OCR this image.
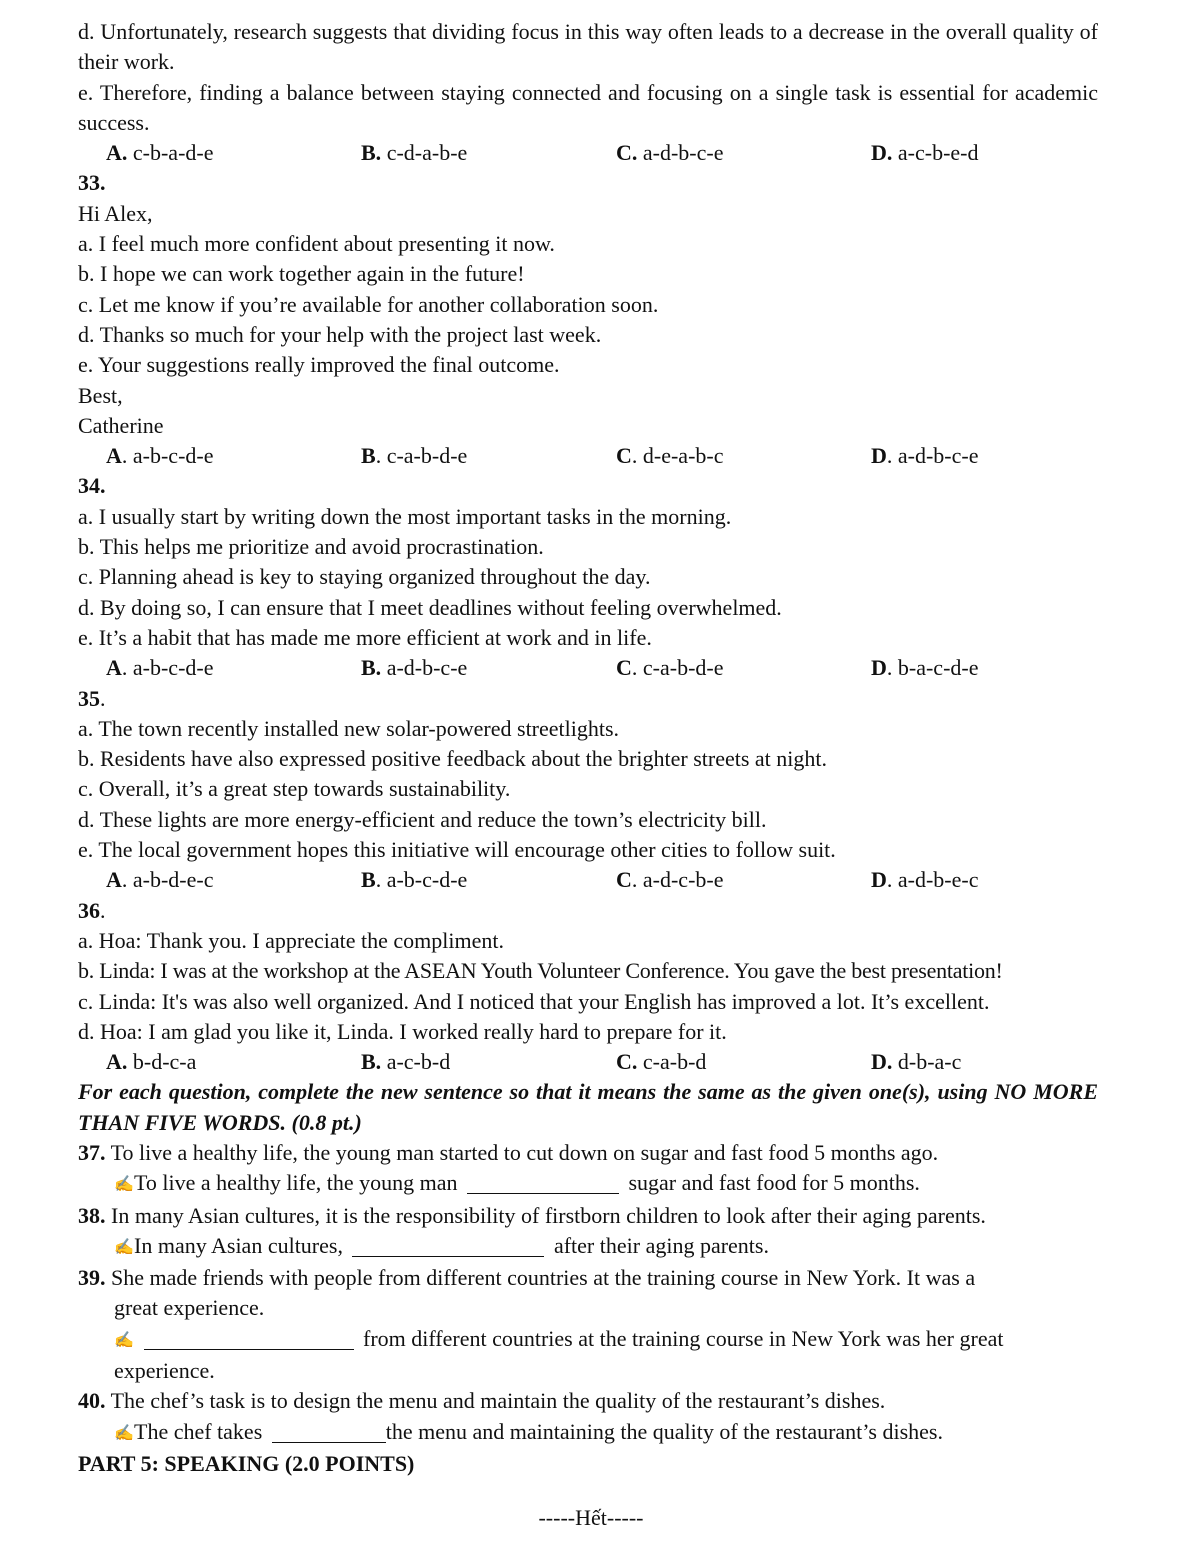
d. Unfortunately, research suggests that dividing focus in this way often leads to a decrease in the overall quality of their work.
e. Therefore, finding a balance between staying connected and focusing on a single task is essential for academic success.
A. c-b-a-d-e	B. c-d-a-b-e	C. a-d-b-c-e	D. a-c-b-e-d
33.
Hi Alex,
a. I feel much more confident about presenting it now.
b. I hope we can work together again in the future!
c. Let me know if you’re available for another collaboration soon.
d. Thanks so much for your help with the project last week.
e. Your suggestions really improved the final outcome.
Best,
Catherine
A. a-b-c-d-e	B. c-a-b-d-e	C. d-e-a-b-c	D. a-d-b-c-e
34.
a. I usually start by writing down the most important tasks in the morning.
b. This helps me prioritize and avoid procrastination.
c. Planning ahead is key to staying organized throughout the day.
d. By doing so, I can ensure that I meet deadlines without feeling overwhelmed.
e. It’s a habit that has made me more efficient at work and in life.
A. a-b-c-d-e	B. a-d-b-c-e	C. c-a-b-d-e	D. b-a-c-d-e
35.
a. The town recently installed new solar-powered streetlights.
b. Residents have also expressed positive feedback about the brighter streets at night.
c. Overall, it’s a great step towards sustainability.
d. These lights are more energy-efficient and reduce the town’s electricity bill.
e. The local government hopes this initiative will encourage other cities to follow suit.
A. a-b-d-e-c	B. a-b-c-d-e	C. a-d-c-b-e	D. a-d-b-e-c
36.
a. Hoa: Thank you. I appreciate the compliment.
b. Linda: I was at the workshop at the ASEAN Youth Volunteer Conference. You gave the best presentation!
c. Linda: It's was also well organized. And I noticed that your English has improved a lot. It’s excellent.
d. Hoa: I am glad you like it, Linda. I worked really hard to prepare for it.
A. b-d-c-a	B. a-c-b-d	C. c-a-b-d	D. d-b-a-c
For each question, complete the new sentence so that it means the same as the given one(s), using NO MORE THAN FIVE WORDS. (0.8 pt.)
37. To live a healthy life, the young man started to cut down on sugar and fast food 5 months ago.
✍To live a healthy life, the young man	sugar and fast food for 5 months.
38. In many Asian cultures, it is the responsibility of firstborn children to look after their aging parents.
✍In many Asian cultures,	after their aging parents.
39. She made friends with people from different countries at the training course in New York. It was a
great experience.
✍	from different countries at the training course in New York was her great
experience.
40. The chef’s task is to design the menu and maintain the quality of the restaurant’s dishes.
✍The chef takes	the menu and maintaining the quality of the restaurant’s dishes.
PART 5: SPEAKING (2.0 POINTS)
-----Hết-----
